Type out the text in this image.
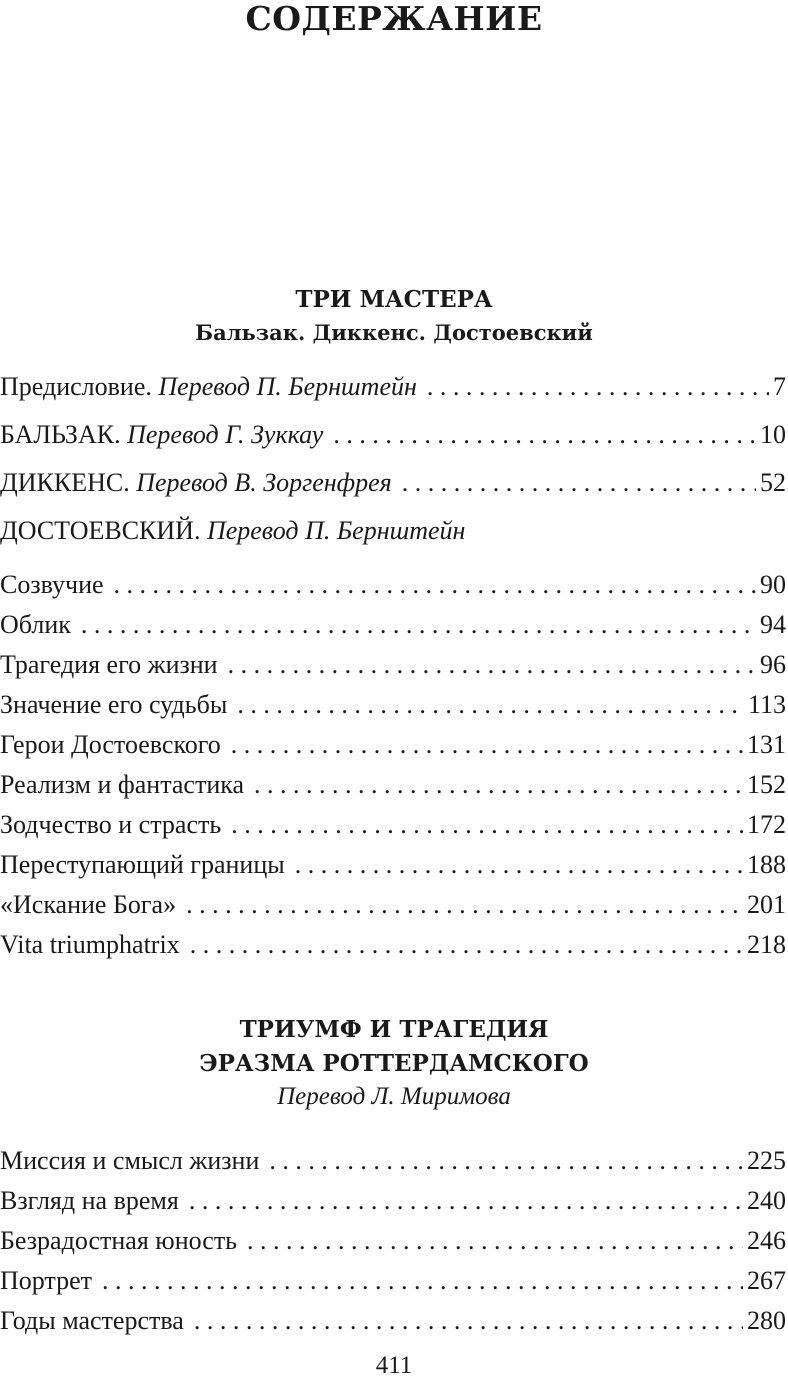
СОДЕРЖАНИЕ
ТРИ МАСТЕРА
Бальзак. Диккенс. Достоевский
Предисловие. Перевод П. Бернштейн . . .	7
БАЛЬЗАК. Перевод Г. Зуккау . . .	10
ДИККЕНС. Перевод В. Зоргенфрея . . .	52
ДОСТОЕВСКИЙ. Перевод П. Бернштейн
Созвучие . . .	90
Облик . . .	94
Трагедия его жизни . . .	96
Значение его судьбы . . .	113
Герои Достоевского . . .	131
Реализм и фантастика . . .	152
Зодчество и страсть . . .	172
Переступающий границы . . .	188
«Искание Бога» . . .	201
Vita triumphatrix . . .	218
ТРИУМФ И ТРАГЕДИЯ
ЭРАЗМА РОТТЕРДАМСКОГО
Перевод Л. Миримова
Миссия и смысл жизни . . .	225
Взгляд на время . . .	240
Безрадостная юность . . .	246
Портрет . . .	267
Годы мастерства . . .	280
411
